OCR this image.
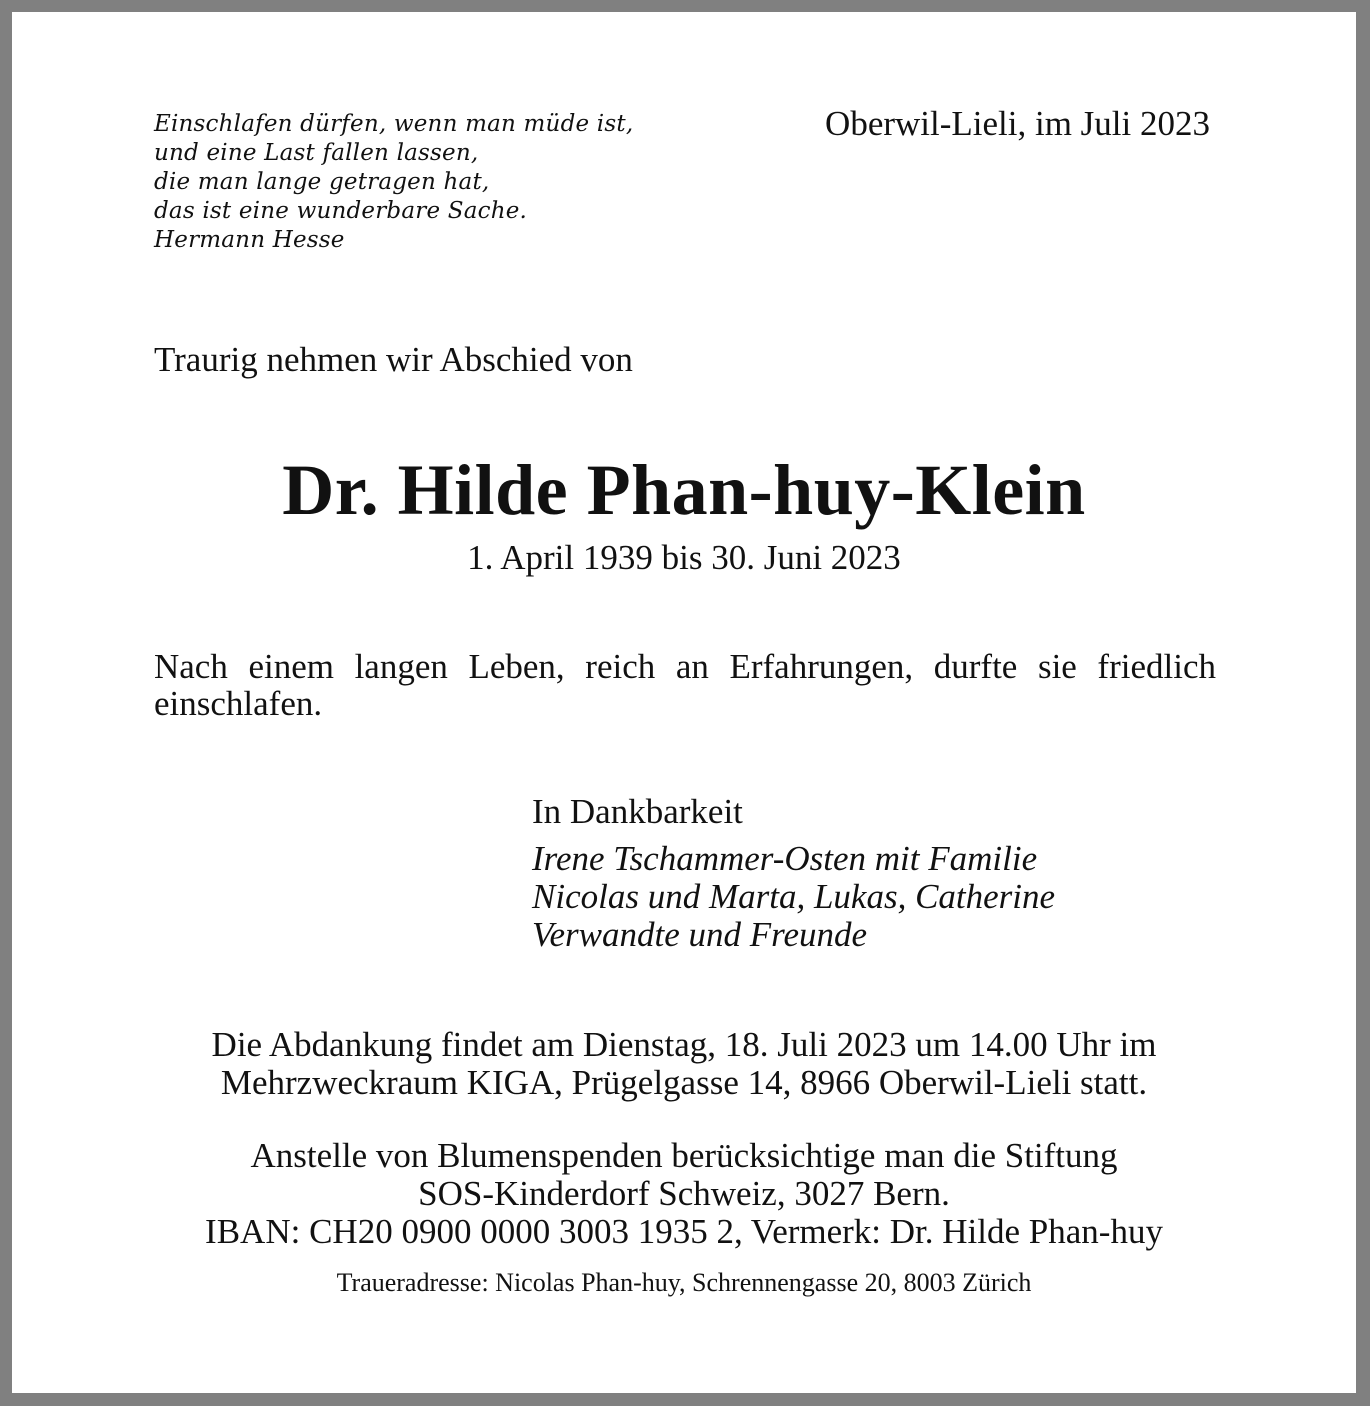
Einschlafen dürfen, wenn man müde ist,
und eine Last fallen lassen,
die man lange getragen hat,
das ist eine wunderbare Sache.
Hermann Hesse
Oberwil-Lieli, im Juli 2023
Traurig nehmen wir Abschied von
Dr. Hilde Phan-huy-Klein
1. April 1939 bis 30. Juni 2023
Nach einem langen Leben, reich an Erfahrungen, durfte sie friedlich einschlafen.
In Dankbarkeit
Irene Tschammer-Osten mit Familie
Nicolas und Marta, Lukas, Catherine
Verwandte und Freunde
Die Abdankung findet am Dienstag, 18. Juli 2023 um 14.00 Uhr im
Mehrzweckraum KIGA, Prügelgasse 14, 8966 Oberwil-Lieli statt.
Anstelle von Blumenspenden berücksichtige man die Stiftung
SOS-Kinderdorf Schweiz, 3027 Bern.
IBAN: CH20 0900 0000 3003 1935 2, Vermerk: Dr. Hilde Phan-huy
Traueradresse: Nicolas Phan-huy, Schrennengasse 20, 8003 Zürich
